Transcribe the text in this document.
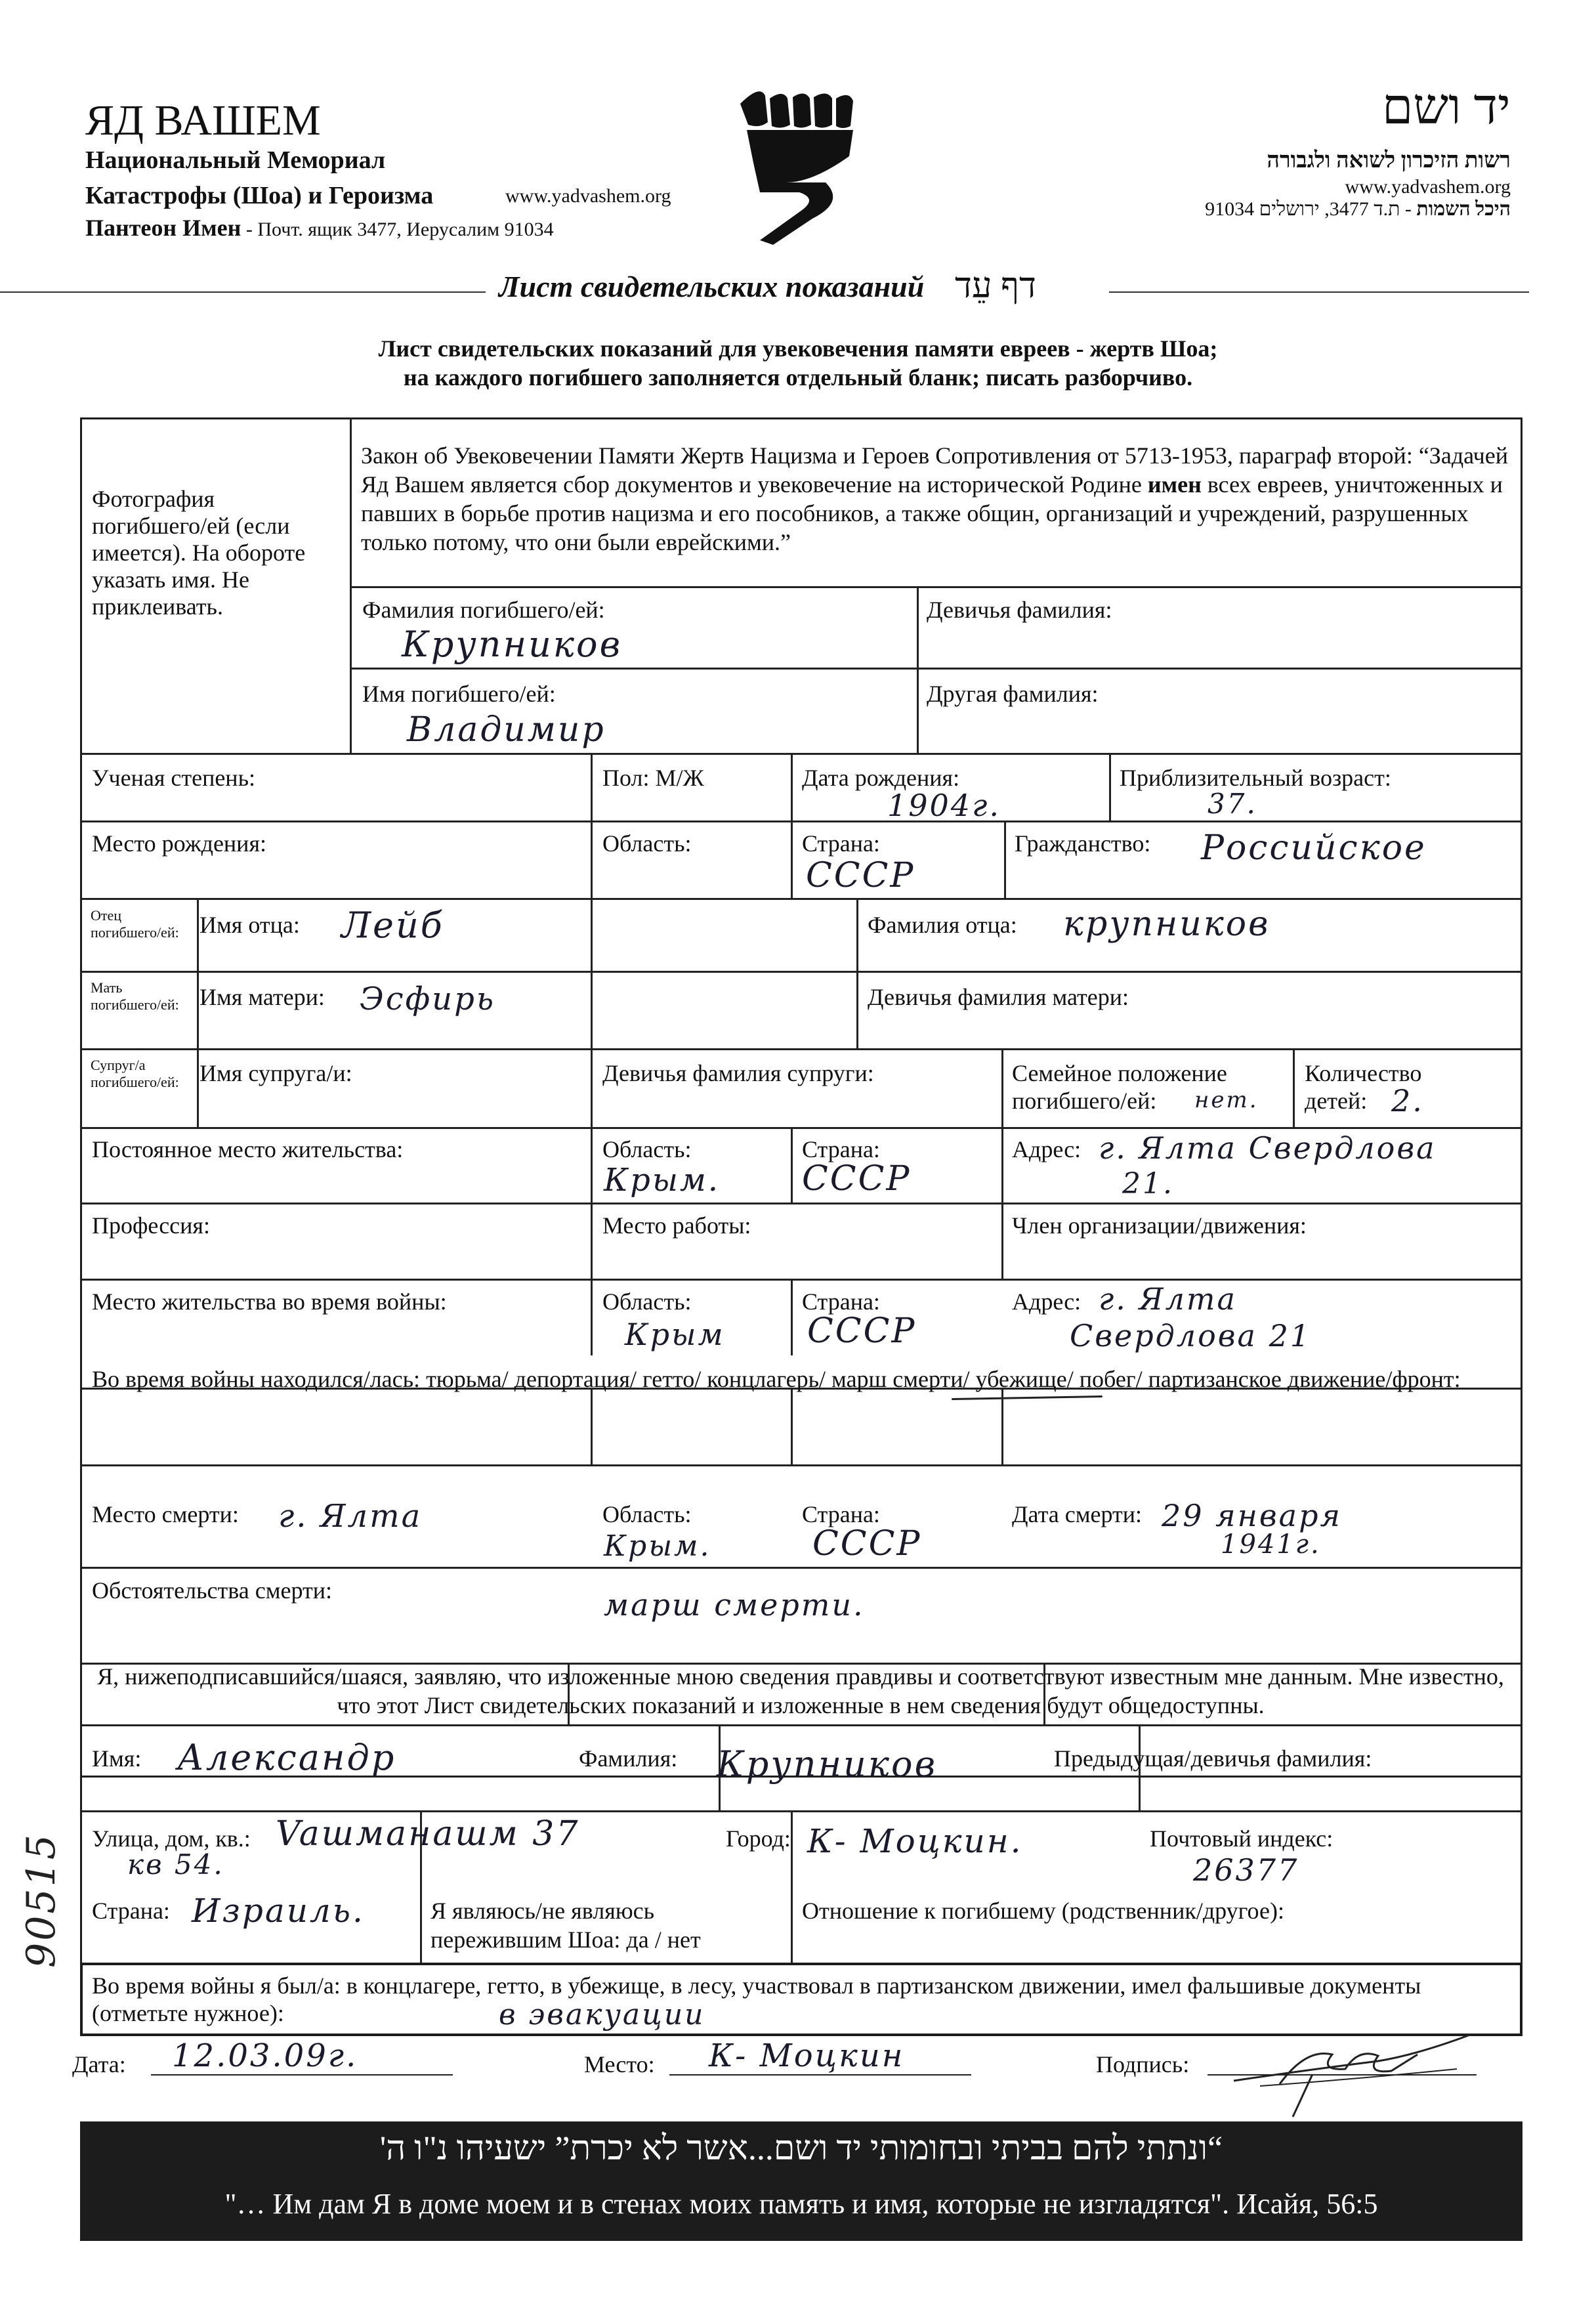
ЯД ВАШЕМ
Национальный Мемориал
Катастрофы (Шоа) и Героизма	www.yadvashem.org
Пантеон Имен - Почт. ящик 3477, Иерусалим 91034
יד ושם
רשות הזיכרון לשואה ולגבורה
www.yadvashem.org
היכל השמות - ת.ד 3477, ירושלים 91034
Лист свидетельских показаний דף עֵד
Лист свидетельских показаний для увековечения памяти евреев - жертв Шоа;
на каждого погибшего заполняется отдельный бланк; писать разборчиво.
Фотография погибшего/ей (если имеется). На обороте указать имя. Не приклеивать.
Закон об Увековечении Памяти Жертв Нацизма и Героев Сопротивления от 5713-1953, параграф второй: “Задачей Яд Вашем является сбор документов и увековечение на исторической Родине имен всех евреев, уничтоженных и павших в борьбе против нацизма и его пособников, а также общин, организаций и учреждений, разрушенных только потому, что они были еврейскими.”
Фамилия погибшего/ей:
Крупников
Девичья фамилия:
Имя погибшего/ей:
Владимир
Другая фамилия:
Ученая степень:	Пол: М/Ж	Дата рождения:
1904г.
Приблизительный возраст:
37.
Место рождения:	Область:	Страна:
СССР
Гражданство: Российское
Отец погибшего/ей: Имя отца: Лейб	Фамилия отца: крупников
Мать погибшего/ей: Имя матери: Эсфирь	Девичья фамилия матери:
Супруг/а погибшего/ей: Имя супруга/и:	Девичья фамилия супруги:	Семейное положение
погибшего/ей: нет.
Количество
детей: 2.
Постоянное место жительства:	Область:
Крым.
Страна:
СССР
Адрес: г. Ялта Свердлова
21.
Профессия:	Место работы:	Член организации/движения:
Место жительства во время войны:	Область:
Крым
Страна:
СССР
Адрес: г. Ялта
Свердлова 21
Во время войны находился/лась: тюрьма/ депортация/ гетто/ концлагерь/ марш смерти/ убежище/ побег/ партизанское движение/фронт:
Место смерти: г. Ялта	Область:
Крым.
Страна:
СССР
Дата смерти: 29 января
1941г.
Обстоятельства смерти:	марш смерти.
Я, нижеподписавшийся/шаяся, заявляю, что изложенные мною сведения правдивы и соответствуют известным мне данным. Мне известно, что этот Лист свидетельских показаний и изложенные в нем сведения будут общедоступны.
Имя: Александр	Фамилия: Крупников	Предыдущая/девичья фамилия:
Улица, дом, кв.: Vaшманашм 37
кв 54.
Город: К- Моцкин.	Почтовый индекс:
26377
Страна: Израиль.	Я являюсь/не являюсь
пережившим Шоа: да / нет
Отношение к погибшему (родственник/другое):
Во время войны я был/а: в концлагере, гетто, в убежище, в лесу, участвовал в партизанском движении, имел фальшивые документы (отметьте нужное):	в эвакуации
Дата: 12.03.09г.	Место: К- Моцкин	Подпись:
90515
“ונתתי להם בביתי ובחומותי יד ושם...אשר לא יכרת” ישעיהו נ"ו ה'
"… Им дам Я в доме моем и в стенах моих память и имя, которые не изгладятся". Исайя, 56:5
